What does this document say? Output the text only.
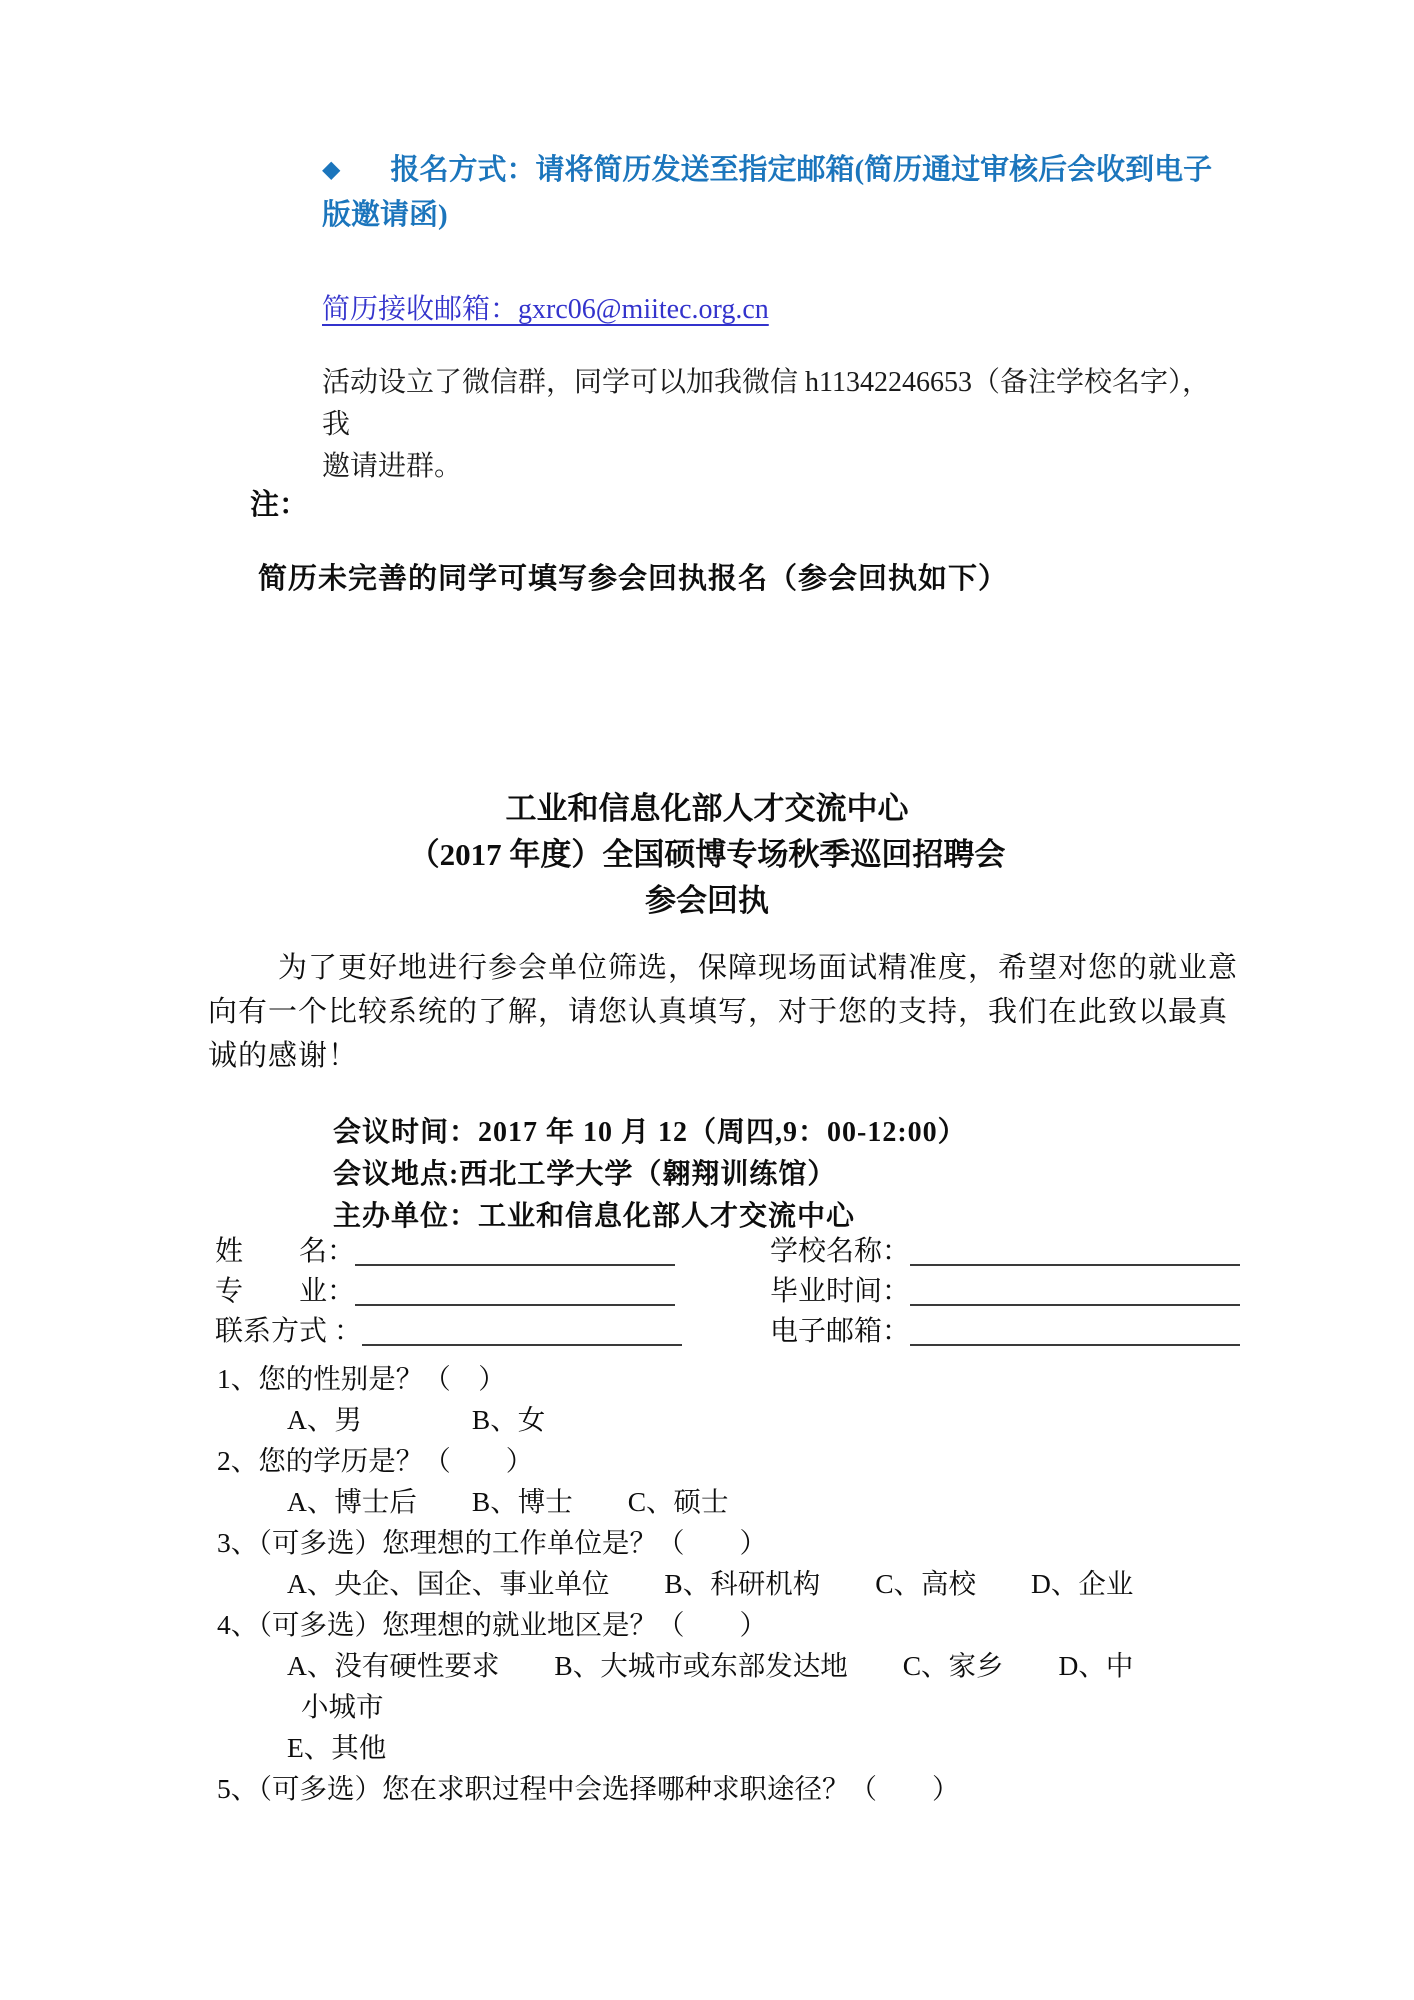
◆ 报名方式：请将简历发送至指定邮箱(简历通过审核后会收到电子
版邀请函)
简历接收邮箱：gxrc06@miitec.org.cn
活动设立了微信群，同学可以加我微信 h11342246653（备注学校名字），我
邀请进群。
注：
简历未完善的同学可填写参会回执报名（参会回执如下）
工业和信息化部人才交流中心
（2017 年度）全国硕博专场秋季巡回招聘会
参会回执
为了更好地进行参会单位筛选，保障现场面试精准度，希望对您的就业意
向有一个比较系统的了解，请您认真填写，对于您的支持，我们在此致以最真
诚的感谢！
会议时间：2017 年 10 月 12（周四,9：00-12:00）
会议地点:西北工学大学（翱翔训练馆）
主办单位：工业和信息化部人才交流中心
姓　　名：	学校名称：
专　　业：	毕业时间：
联系方式 ：	电子邮箱：
1、您的性别是？（　）
A、男　　　　B、女
2、您的学历是？（　　）
A、博士后　　B、博士　　C、硕士
3、（可多选）您理想的工作单位是？（　　）
A、央企、国企、事业单位　　B、科研机构　　C、高校　　D、企业
4、（可多选）您理想的就业地区是？（　　）
A、没有硬性要求　　B、大城市或东部发达地　　C、家乡　　D、中
小城市
E、其他
5、（可多选）您在求职过程中会选择哪种求职途径？（　　）
